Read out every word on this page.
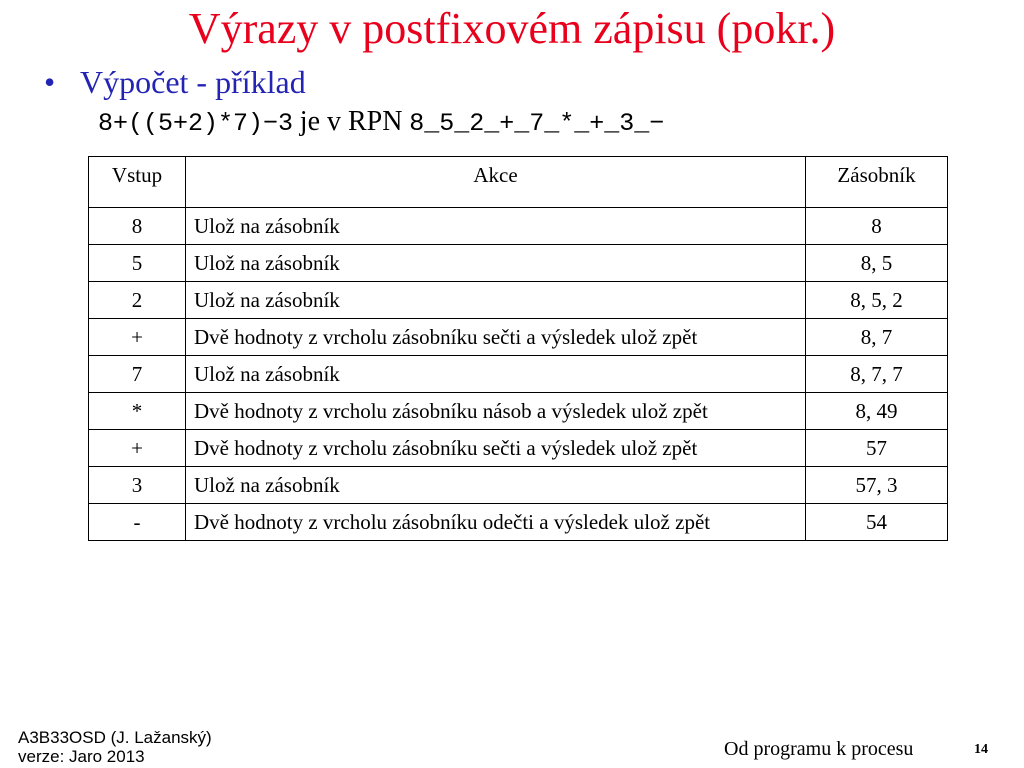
Výrazy v postfixovém zápisu (pokr.)
• Výpočet - příklad
8+((5+2)*7)−3 je v RPN 8_5_2_+_7_*_+_3_−
Vstup	Akce	Zásobník
8	Ulož na zásobník	8
5	Ulož na zásobník	8, 5
2	Ulož na zásobník	8, 5, 2
+	Dvě hodnoty z vrcholu zásobníku sečti a výsledek ulož zpět	8, 7
7	Ulož na zásobník	8, 7, 7
*	Dvě hodnoty z vrcholu zásobníku násob a výsledek ulož zpět	8, 49
+	Dvě hodnoty z vrcholu zásobníku sečti a výsledek ulož zpět	57
3	Ulož na zásobník	57, 3
-	Dvě hodnoty z vrcholu zásobníku odečti a výsledek ulož zpět	54
A3B33OSD (J. Lažanský)
verze: Jaro 2013	Od programu k procesu	14
